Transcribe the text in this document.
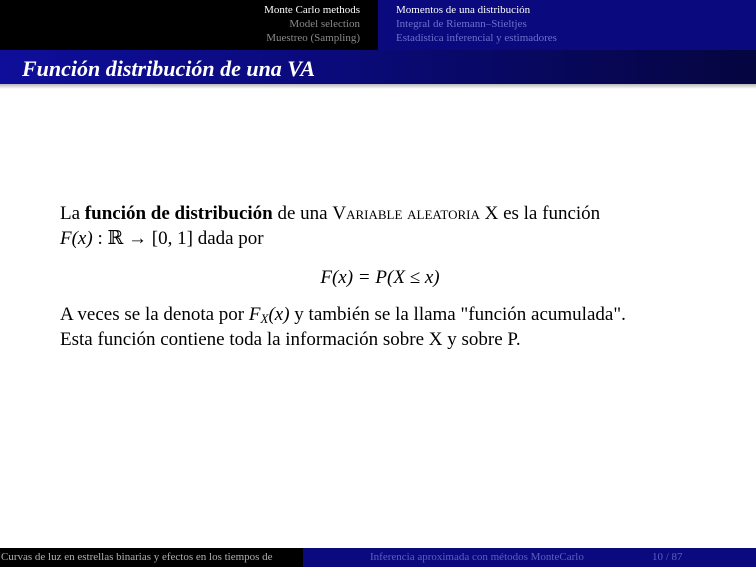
Monte Carlo methods
Model selection
Muestreo (Sampling)
Momentos de una distribución
Integral de Riemann–Stieltjes
Estadística inferencial y estimadores
Función distribución de una VA
La función de distribución de una Variable aleatoria X es la función
F(x) : ℝ → [0, 1] dada por
F(x) = P(X ≤ x)
A veces se la denota por $F_X(x)$ y también se la llama "función acumulada".
Esta función contiene toda la información sobre X y sobre P.
Curvas de luz en estrellas binarias y efectos en los tiempos de	Inferencia aproximada con métodos MonteCarlo	10 / 87
